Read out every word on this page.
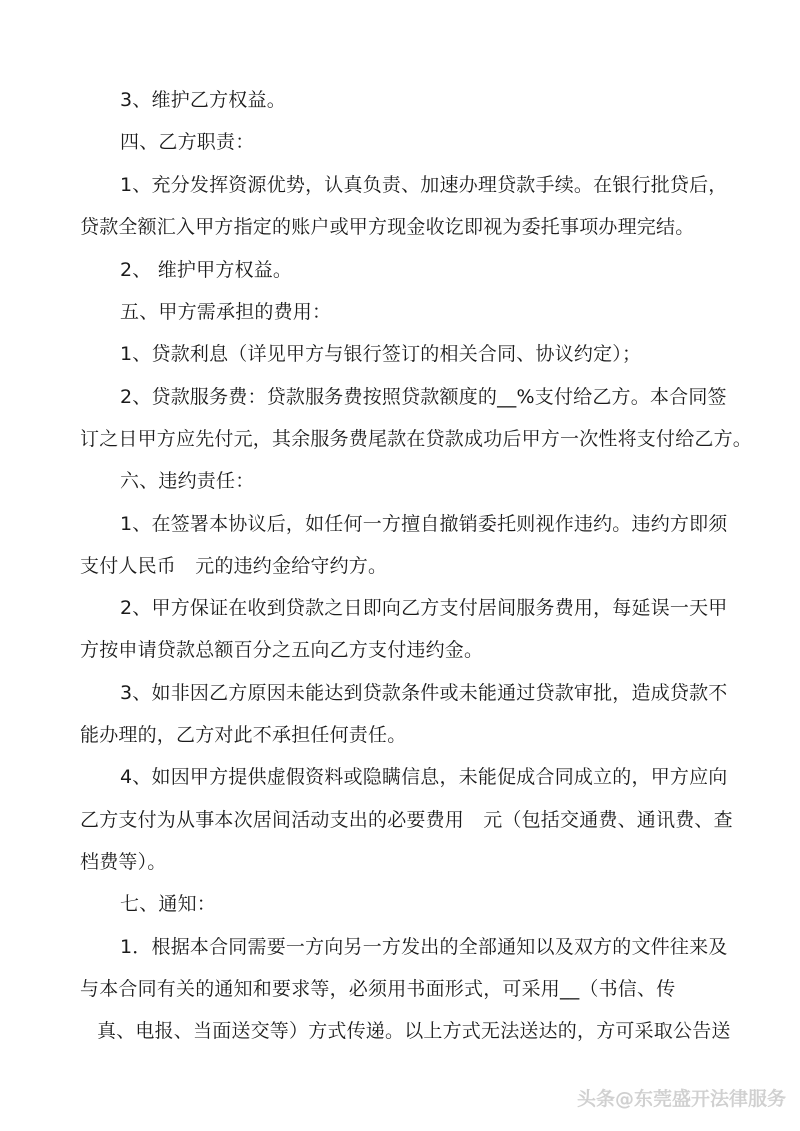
3、维护乙方权益。
四、乙方职责：
1、充分发挥资源优势，认真负责、加速办理贷款手续。在银行批贷后，
贷款全额汇入甲方指定的账户或甲方现金收讫即视为委托事项办理完结。
2、 维护甲方权益。
五、甲方需承担的费用：
1、贷款利息（详见甲方与银行签订的相关合同、协议约定）；
2、贷款服务费：贷款服务费按照贷款额度的__%支付给乙方。本合同签
订之日甲方应先付元，其余服务费尾款在贷款成功后甲方一次性将支付给乙方。
六、违约责任：
1、在签署本协议后，如任何一方擅自撤销委托则视作违约。违约方即须
支付人民币　元的违约金给守约方。
2、甲方保证在收到贷款之日即向乙方支付居间服务费用，每延误一天甲
方按申请贷款总额百分之五向乙方支付违约金。
3、如非因乙方原因未能达到贷款条件或未能通过贷款审批，造成贷款不
能办理的，乙方对此不承担任何责任。
4、如因甲方提供虚假资料或隐瞒信息，未能促成合同成立的，甲方应向
乙方支付为从事本次居间活动支出的必要费用　元（包括交通费、通讯费、查
档费等）。
七、通知：
1．根据本合同需要一方向另一方发出的全部通知以及双方的文件往来及
与本合同有关的通知和要求等，必须用书面形式，可采用__（书信、传
真、电报、当面送交等）方式传递。以上方式无法送达的，方可采取公告送
头条@东莞盛开法律服务
